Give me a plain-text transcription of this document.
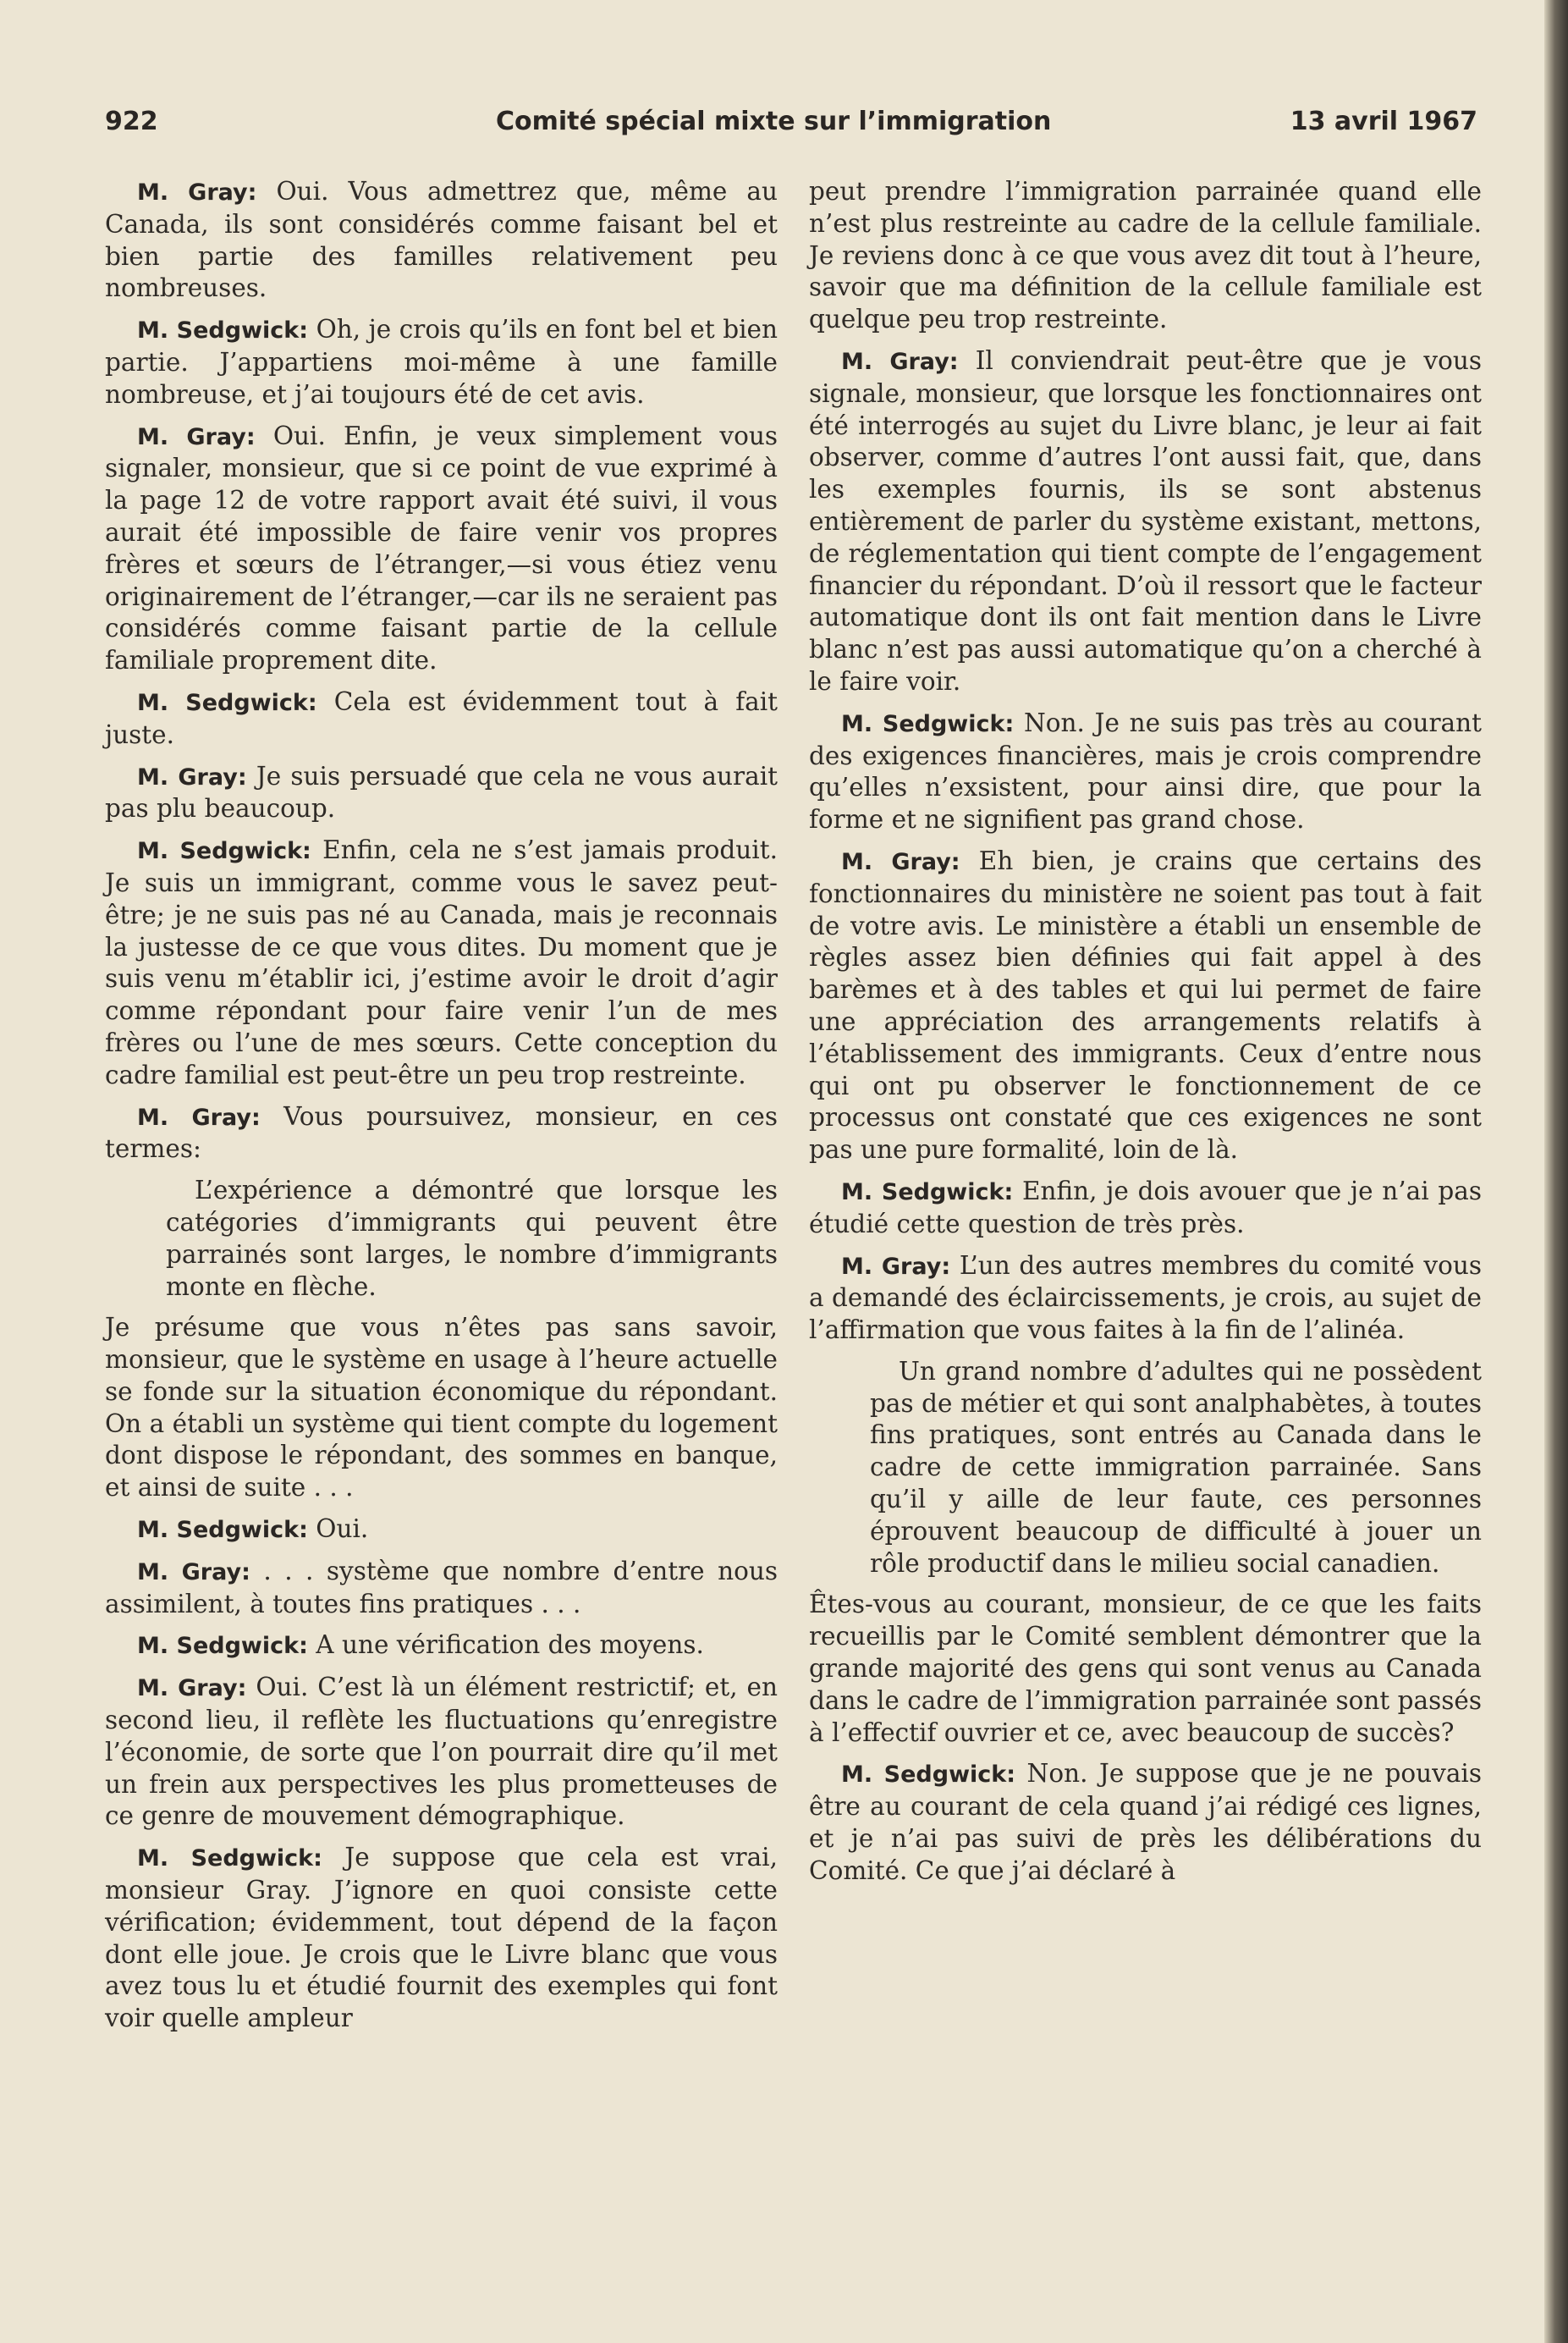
922	Comité spécial mixte sur l’immigration	13 avril 1967

M. Gray: Oui. Vous admettrez que, même au Canada, ils sont considérés comme faisant bel et bien partie des familles relativement peu nombreuses.

M. Sedgwick: Oh, je crois qu’ils en font bel et bien partie. J’appartiens moi-même à une famille nombreuse, et j’ai toujours été de cet avis.

M. Gray: Oui. Enfin, je veux simplement vous signaler, monsieur, que si ce point de vue exprimé à la page 12 de votre rapport avait été suivi, il vous aurait été impossible de faire venir vos propres frères et sœurs de l’étranger,—si vous étiez venu originairement de l’étranger,—car ils ne seraient pas considérés comme faisant partie de la cellule familiale proprement dite.

M. Sedgwick: Cela est évidemment tout à fait juste.

M. Gray: Je suis persuadé que cela ne vous aurait pas plu beaucoup.

M. Sedgwick: Enfin, cela ne s’est jamais produit. Je suis un immigrant, comme vous le savez peut-être; je ne suis pas né au Canada, mais je reconnais la justesse de ce que vous dites. Du moment que je suis venu m’établir ici, j’estime avoir le droit d’agir comme répondant pour faire venir l’un de mes frères ou l’une de mes sœurs. Cette conception du cadre familial est peut-être un peu trop restreinte.

M. Gray: Vous poursuivez, monsieur, en ces termes:

L’expérience a démontré que lorsque les catégories d’immigrants qui peuvent être parrainés sont larges, le nombre d’immigrants monte en flèche.

Je présume que vous n’êtes pas sans savoir, monsieur, que le système en usage à l’heure actuelle se fonde sur la situation économique du répondant. On a établi un système qui tient compte du logement dont dispose le répondant, des sommes en banque, et ainsi de suite . . .

M. Sedgwick: Oui.

M. Gray: . . . système que nombre d’entre nous assimilent, à toutes fins pratiques . . .

M. Sedgwick: A une vérification des moyens.

M. Gray: Oui. C’est là un élément restrictif; et, en second lieu, il reflète les fluctuations qu’enregistre l’économie, de sorte que l’on pourrait dire qu’il met un frein aux perspectives les plus prometteuses de ce genre de mouvement démographique.

M. Sedgwick: Je suppose que cela est vrai, monsieur Gray. J’ignore en quoi consiste cette vérification; évidemment, tout dépend de la façon dont elle joue. Je crois que le Livre blanc que vous avez tous lu et étudié fournit des exemples qui font voir quelle ampleur

peut prendre l’immigration parrainée quand elle n’est plus restreinte au cadre de la cellule familiale. Je reviens donc à ce que vous avez dit tout à l’heure, savoir que ma définition de la cellule familiale est quelque peu trop restreinte.

M. Gray: Il conviendrait peut-être que je vous signale, monsieur, que lorsque les fonctionnaires ont été interrogés au sujet du Livre blanc, je leur ai fait observer, comme d’autres l’ont aussi fait, que, dans les exemples fournis, ils se sont abstenus entièrement de parler du système existant, mettons, de réglementation qui tient compte de l’engagement financier du répondant. D’où il ressort que le facteur automatique dont ils ont fait mention dans le Livre blanc n’est pas aussi automatique qu’on a cherché à le faire voir.

M. Sedgwick: Non. Je ne suis pas très au courant des exigences financières, mais je crois comprendre qu’elles n’exsistent, pour ainsi dire, que pour la forme et ne signifient pas grand chose.

M. Gray: Eh bien, je crains que certains des fonctionnaires du ministère ne soient pas tout à fait de votre avis. Le ministère a établi un ensemble de règles assez bien définies qui fait appel à des barèmes et à des tables et qui lui permet de faire une appréciation des arrangements relatifs à l’établissement des immigrants. Ceux d’entre nous qui ont pu observer le fonctionnement de ce processus ont constaté que ces exigences ne sont pas une pure formalité, loin de là.

M. Sedgwick: Enfin, je dois avouer que je n’ai pas étudié cette question de très près.

M. Gray: L’un des autres membres du comité vous a demandé des éclaircissements, je crois, au sujet de l’affirmation que vous faites à la fin de l’alinéa.

Un grand nombre d’adultes qui ne possèdent pas de métier et qui sont analphabètes, à toutes fins pratiques, sont entrés au Canada dans le cadre de cette immigration parrainée. Sans qu’il y aille de leur faute, ces personnes éprouvent beaucoup de difficulté à jouer un rôle productif dans le milieu social canadien.

Êtes-vous au courant, monsieur, de ce que les faits recueillis par le Comité semblent démontrer que la grande majorité des gens qui sont venus au Canada dans le cadre de l’immigration parrainée sont passés à l’effectif ouvrier et ce, avec beaucoup de succès?

M. Sedgwick: Non. Je suppose que je ne pouvais être au courant de cela quand j’ai rédigé ces lignes, et je n’ai pas suivi de près les délibérations du Comité. Ce que j’ai déclaré à
